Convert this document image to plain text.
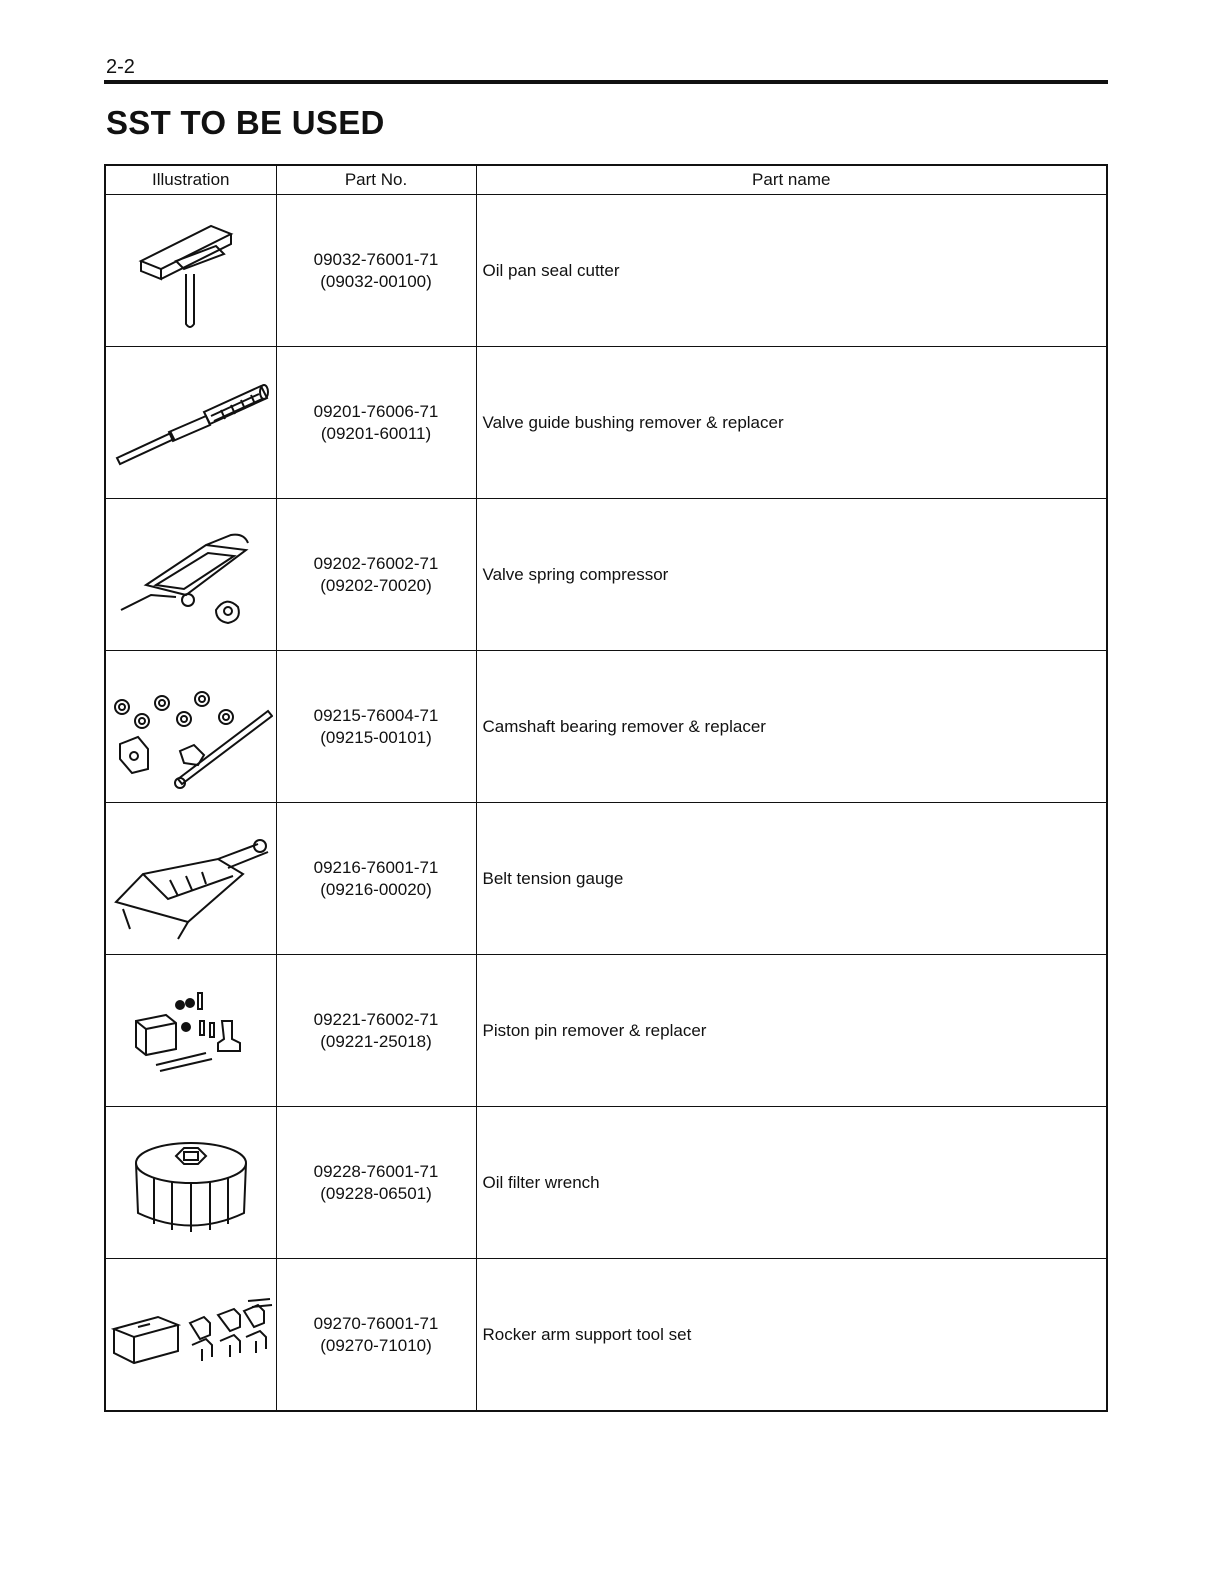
2-2
SST TO BE USED
Illustration	Part No.	Part name

09032-76001-71
(09032-00100)	Oil pan seal cutter

09201-76006-71
(09201-60011)	Valve guide bushing remover & replacer

09202-76002-71
(09202-70020)	Valve spring compressor

09215-76004-71
(09215-00101)	Camshaft bearing remover & replacer

09216-76001-71
(09216-00020)	Belt tension gauge

09221-76002-71
(09221-25018)	Piston pin remover & replacer

09228-76001-71
(09228-06501)	Oil filter wrench

09270-76001-71
(09270-71010)	Rocker arm support tool set
